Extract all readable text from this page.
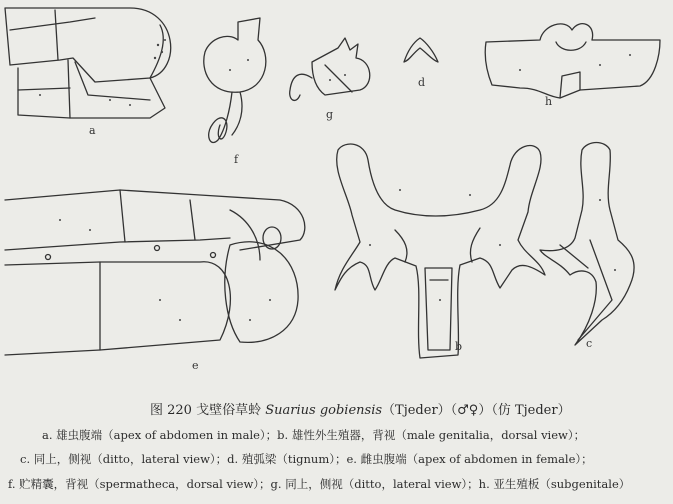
a
b	c
d
e
f
g
h
图 220 戈壁俗草蛉 Suarius gobiensis（Tjeder）（♂♀）（仿 Tjeder）
a. 雄虫腹端（apex of abdomen in male）；b. 雄性外生殖器，背视（male genitalia，dorsal view）；
c. 同上，侧视（ditto，lateral view）；d. 殖弧梁（tignum）；e. 雌虫腹端（apex of abdomen in female）；
f. 贮精囊，背视（spermatheca，dorsal view）；g. 同上，侧视（ditto，lateral view）；h. 亚生殖板（subgenitale）
